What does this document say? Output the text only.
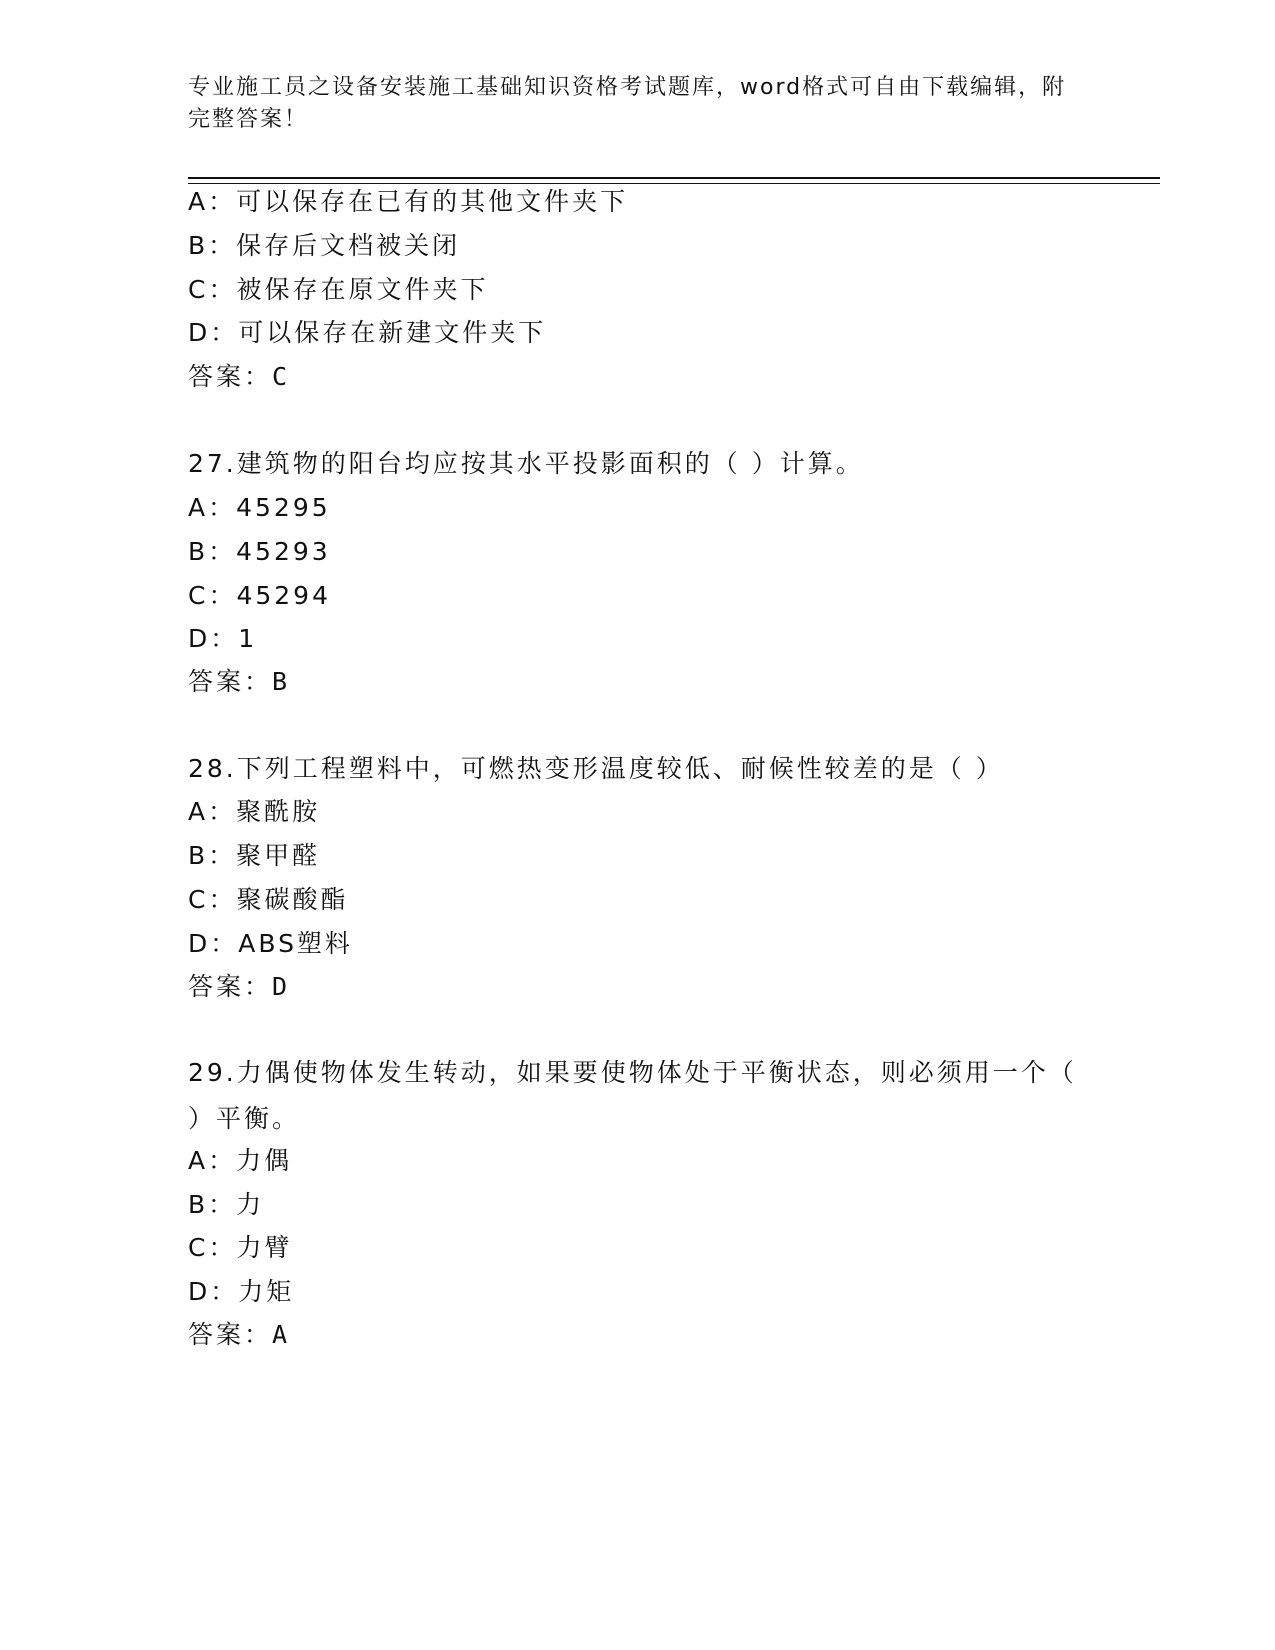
专业施工员之设备安装施工基础知识资格考试题库，word格式可自由下载编辑，附完整答案！
A：可以保存在已有的其他文件夹下
B：保存后文档被关闭
C：被保存在原文件夹下
D：可以保存在新建文件夹下
答案：C
27.建筑物的阳台均应按其水平投影面积的（ ）计算。
A：45295
B：45293
C：45294
D：1
答案：B
28.下列工程塑料中，可燃热变形温度较低、耐候性较差的是（ ）
A：聚酰胺
B：聚甲醛
C：聚碳酸酯
D：ABS塑料
答案：D
29.力偶使物体发生转动，如果要使物体处于平衡状态，则必须用一个（ ）平衡。
A：力偶
B：力
C：力臂
D：力矩
答案：A
